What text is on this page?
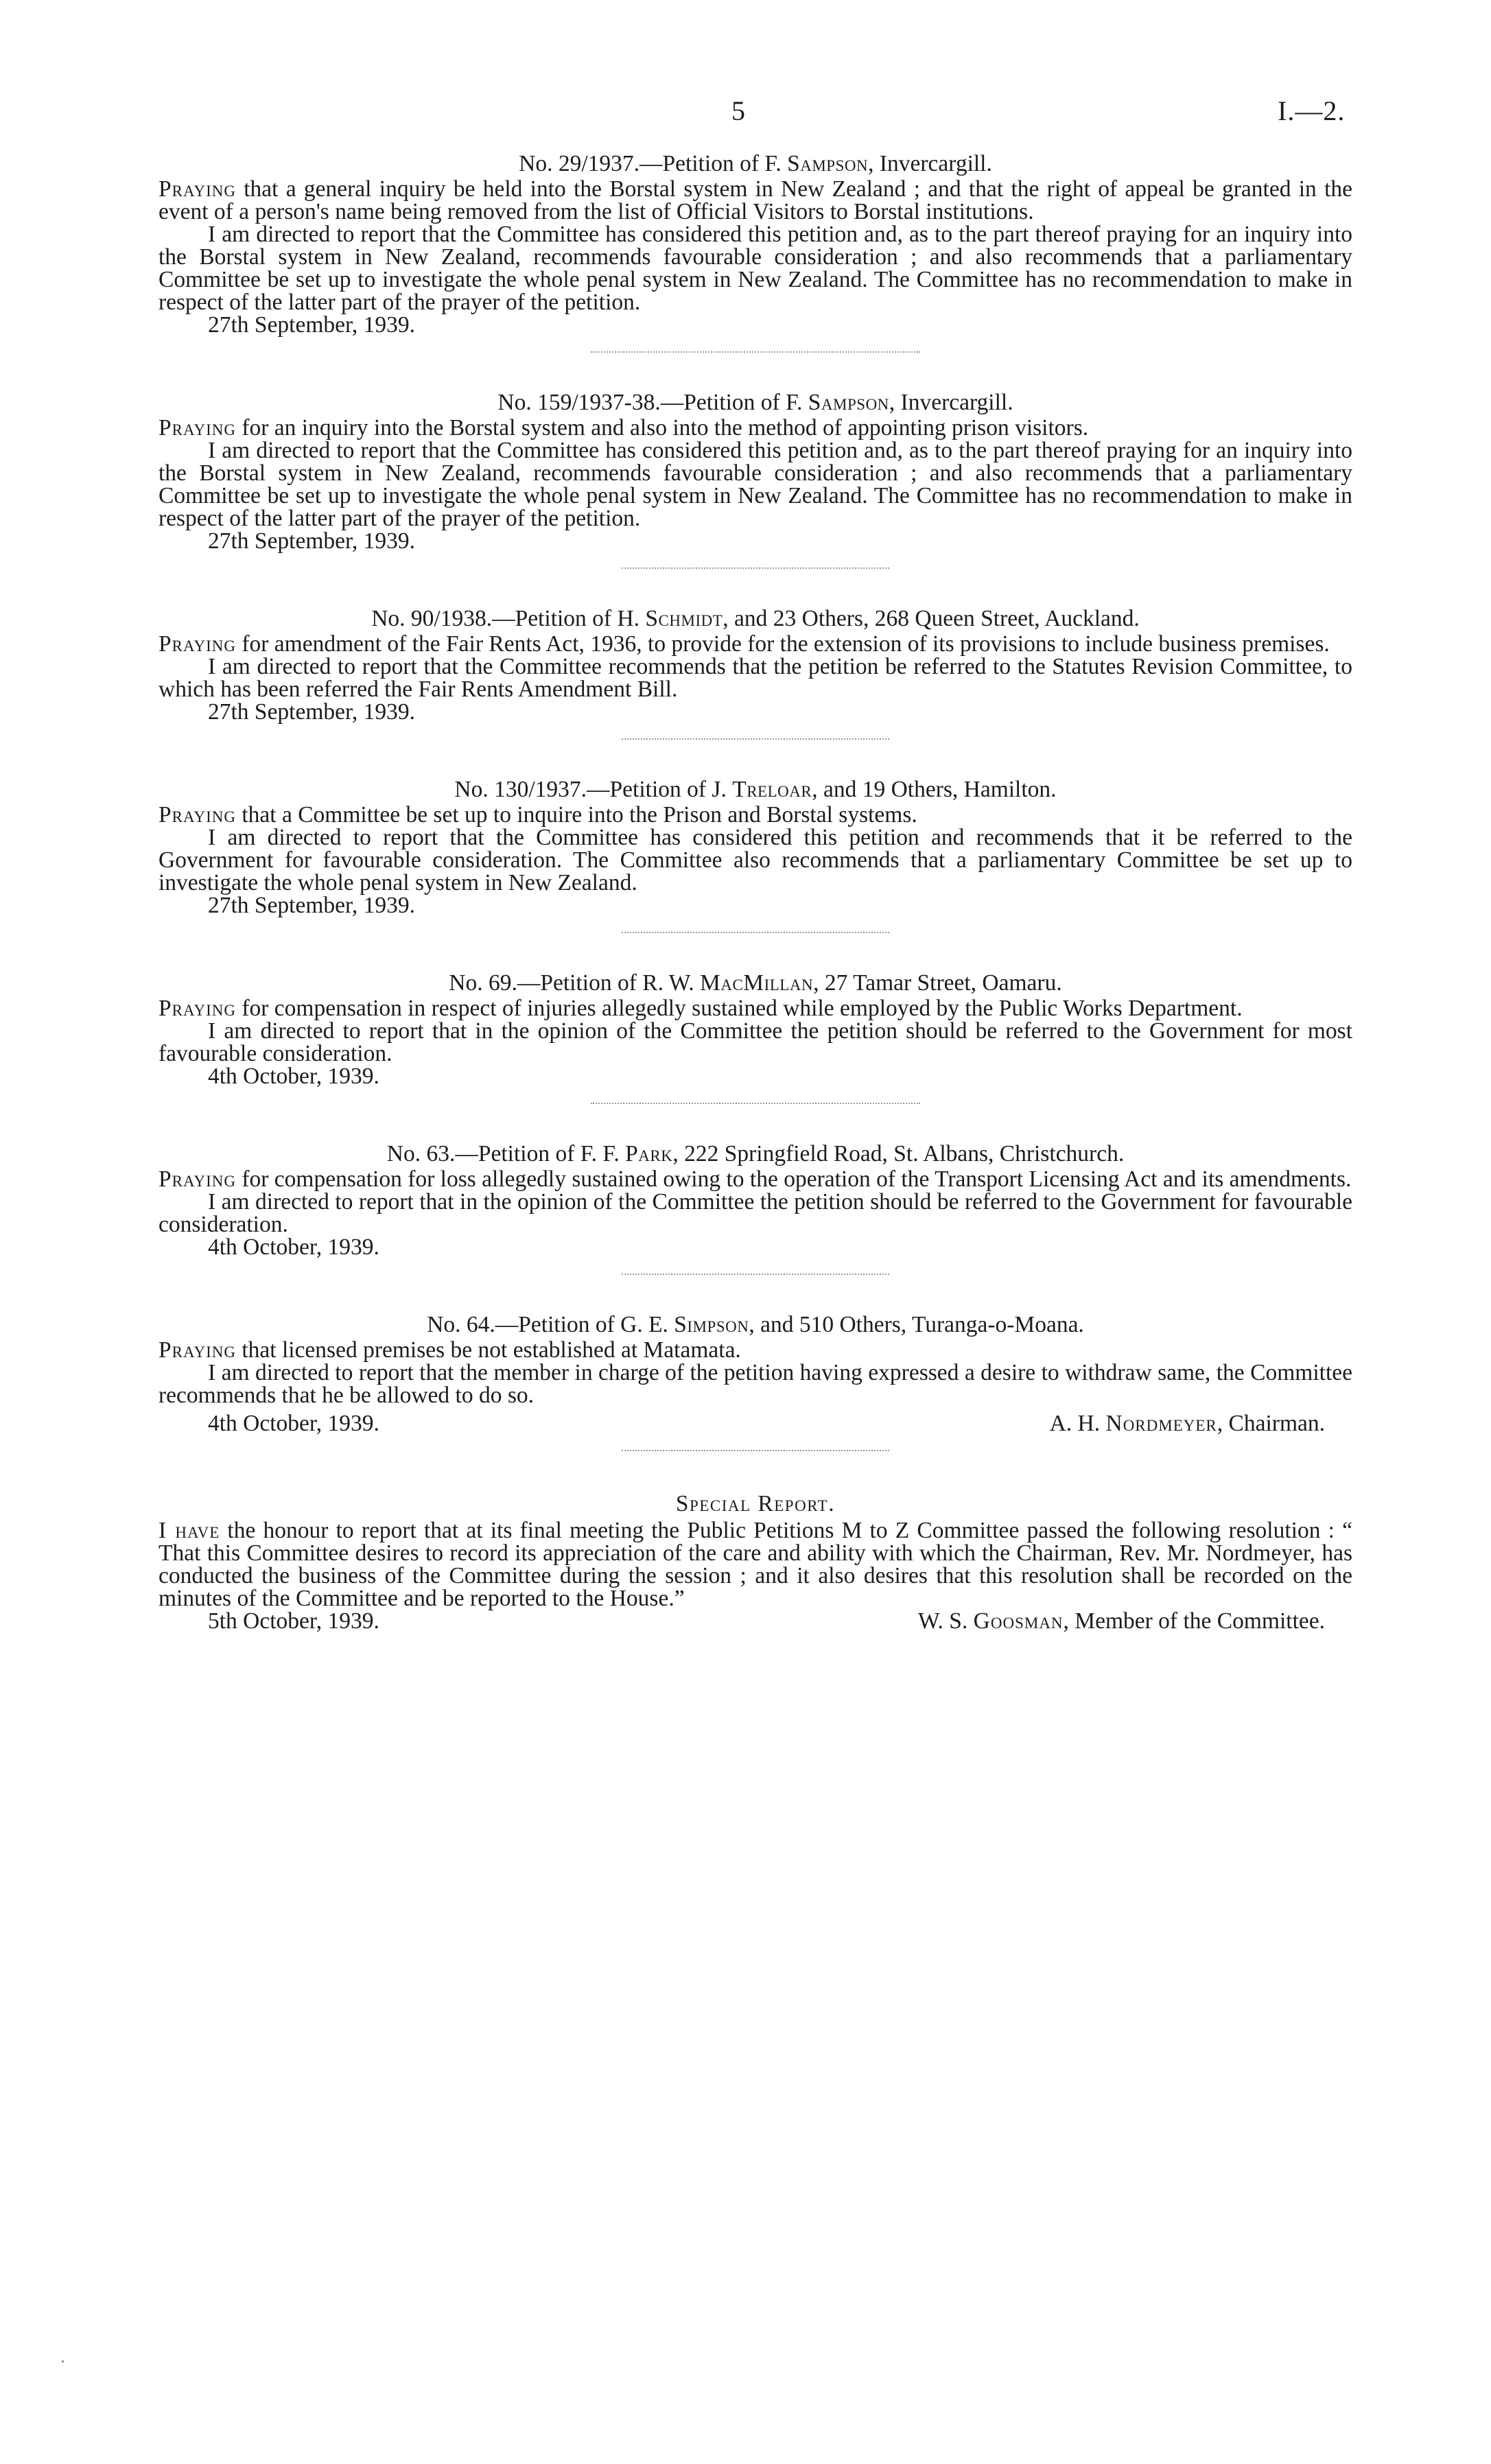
5	I.—2.

No. 29/1937.—Petition of F. Sampson, Invercargill.

Praying that a general inquiry be held into the Borstal system in New Zealand ; and that the right of appeal be granted in the event of a person's name being removed from the list of Official Visitors to Borstal institutions.

I am directed to report that the Committee has considered this petition and, as to the part thereof praying for an inquiry into the Borstal system in New Zealand, recommends favourable consideration ; and also recommends that a parliamentary Committee be set up to investigate the whole penal system in New Zealand. The Committee has no recommendation to make in respect of the latter part of the prayer of the petition.

27th September, 1939.

No. 159/1937-38.—Petition of F. Sampson, Invercargill.

Praying for an inquiry into the Borstal system and also into the method of appointing prison visitors.

I am directed to report that the Committee has considered this petition and, as to the part thereof praying for an inquiry into the Borstal system in New Zealand, recommends favourable consideration ; and also recommends that a parliamentary Committee be set up to investigate the whole penal system in New Zealand. The Committee has no recommendation to make in respect of the latter part of the prayer of the petition.

27th September, 1939.

No. 90/1938.—Petition of H. Schmidt, and 23 Others, 268 Queen Street, Auckland.

Praying for amendment of the Fair Rents Act, 1936, to provide for the extension of its provisions to include business premises.

I am directed to report that the Committee recommends that the petition be referred to the Statutes Revision Committee, to which has been referred the Fair Rents Amendment Bill.

27th September, 1939.

No. 130/1937.—Petition of J. Treloar, and 19 Others, Hamilton.

Praying that a Committee be set up to inquire into the Prison and Borstal systems.

I am directed to report that the Committee has considered this petition and recommends that it be referred to the Government for favourable consideration. The Committee also recommends that a parliamentary Committee be set up to investigate the whole penal system in New Zealand.

27th September, 1939.

No. 69.—Petition of R. W. MacMillan, 27 Tamar Street, Oamaru.

Praying for compensation in respect of injuries allegedly sustained while employed by the Public Works Department.

I am directed to report that in the opinion of the Committee the petition should be referred to the Government for most favourable consideration.

4th October, 1939.

No. 63.—Petition of F. F. Park, 222 Springfield Road, St. Albans, Christchurch.

Praying for compensation for loss allegedly sustained owing to the operation of the Transport Licensing Act and its amendments.

I am directed to report that in the opinion of the Committee the petition should be referred to the Government for favourable consideration.

4th October, 1939.

No. 64.—Petition of G. E. Simpson, and 510 Others, Turanga-o-Moana.

Praying that licensed premises be not established at Matamata.

I am directed to report that the member in charge of the petition having expressed a desire to withdraw same, the Committee recommends that he be allowed to do so.

4th October, 1939.	A. H. Nordmeyer, Chairman.

Special Report.

I have the honour to report that at its final meeting the Public Petitions M to Z Committee passed the following resolution : “ That this Committee desires to record its appreciation of the care and ability with which the Chairman, Rev. Mr. Nordmeyer, has conducted the business of the Committee during the session ; and it also desires that this resolution shall be recorded on the minutes of the Committee and be reported to the House.”

5th October, 1939.	W. S. Goosman, Member of the Committee.
